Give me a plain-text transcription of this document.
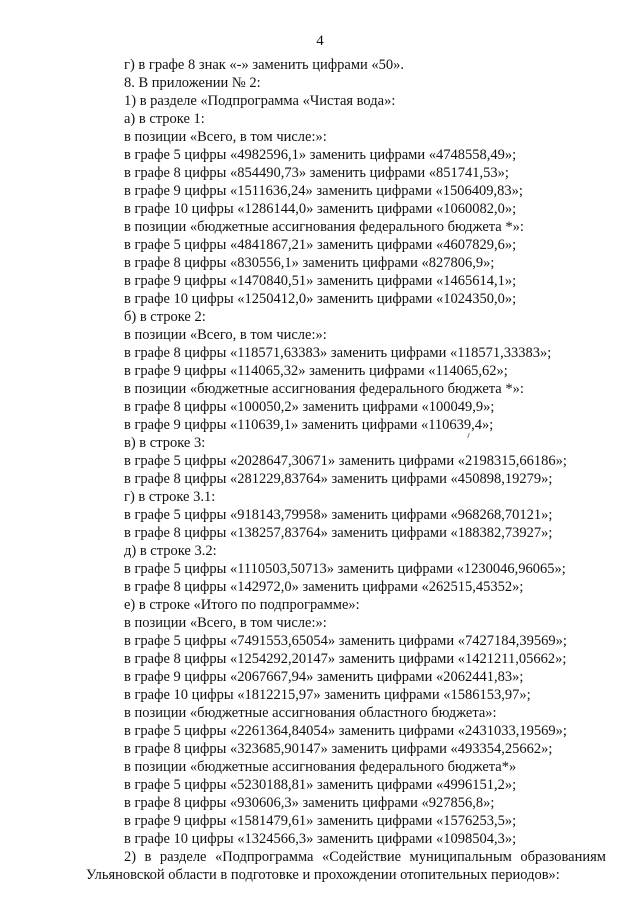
4
г) в графе 8 знак «-» заменить цифрами «50».
8. В приложении № 2:
1) в разделе «Подпрограмма «Чистая вода»:
а) в строке 1:
в позиции «Всего, в том числе:»:
в графе 5 цифры «4982596,1» заменить цифрами «4748558,49»;
в графе 8 цифры «854490,73» заменить цифрами «851741,53»;
в графе 9 цифры «1511636,24» заменить цифрами «1506409,83»;
в графе 10 цифры «1286144,0» заменить цифрами «1060082,0»;
в позиции «бюджетные ассигнования федерального бюджета *»:
в графе 5 цифры «4841867,21» заменить цифрами «4607829,6»;
в графе 8 цифры «830556,1» заменить цифрами «827806,9»;
в графе 9 цифры «1470840,51» заменить цифрами «1465614,1»;
в графе 10 цифры «1250412,0» заменить цифрами «1024350,0»;
б) в строке 2:
в позиции «Всего, в том числе:»:
в графе 8 цифры «118571,63383» заменить цифрами «118571,33383»;
в графе 9 цифры «114065,32» заменить цифрами «114065,62»;
в позиции «бюджетные ассигнования федерального бюджета *»:
в графе 8 цифры «100050,2» заменить цифрами «100049,9»;
в графе 9 цифры «110639,1» заменить цифрами «110639,4»;
в) в строке 3:
в графе 5 цифры «2028647,30671» заменить цифрами «2198315,66186»;
в графе 8 цифры «281229,83764» заменить цифрами «450898,19279»;
г) в строке 3.1:
в графе 5 цифры «918143,79958» заменить цифрами «968268,70121»;
в графе 8 цифры «138257,83764» заменить цифрами «188382,73927»;
д) в строке 3.2:
в графе 5 цифры «1110503,50713» заменить цифрами «1230046,96065»;
в графе 8 цифры «142972,0» заменить цифрами «262515,45352»;
е) в строке «Итого по подпрограмме»:
в позиции «Всего, в том числе:»:
в графе 5 цифры «7491553,65054» заменить цифрами «7427184,39569»;
в графе 8 цифры «1254292,20147» заменить цифрами «1421211,05662»;
в графе 9 цифры «2067667,94» заменить цифрами «2062441,83»;
в графе 10 цифры «1812215,97» заменить цифрами «1586153,97»;
в позиции «бюджетные ассигнования областного бюджета»:
в графе 5 цифры «2261364,84054» заменить цифрами «2431033,19569»;
в графе 8 цифры «323685,90147» заменить цифрами «493354,25662»;
в позиции «бюджетные ассигнования федерального бюджета*»
в графе 5 цифры «5230188,81» заменить цифрами «4996151,2»;
в графе 8 цифры «930606,3» заменить цифрами «927856,8»;
в графе 9 цифры «1581479,61» заменить цифрами «1576253,5»;
в графе 10 цифры «1324566,3» заменить цифрами «1098504,3»;
2) в разделе «Подпрограмма «Содействие муниципальным образованиям
Ульяновской области в подготовке и прохождении отопительных периодов»:
